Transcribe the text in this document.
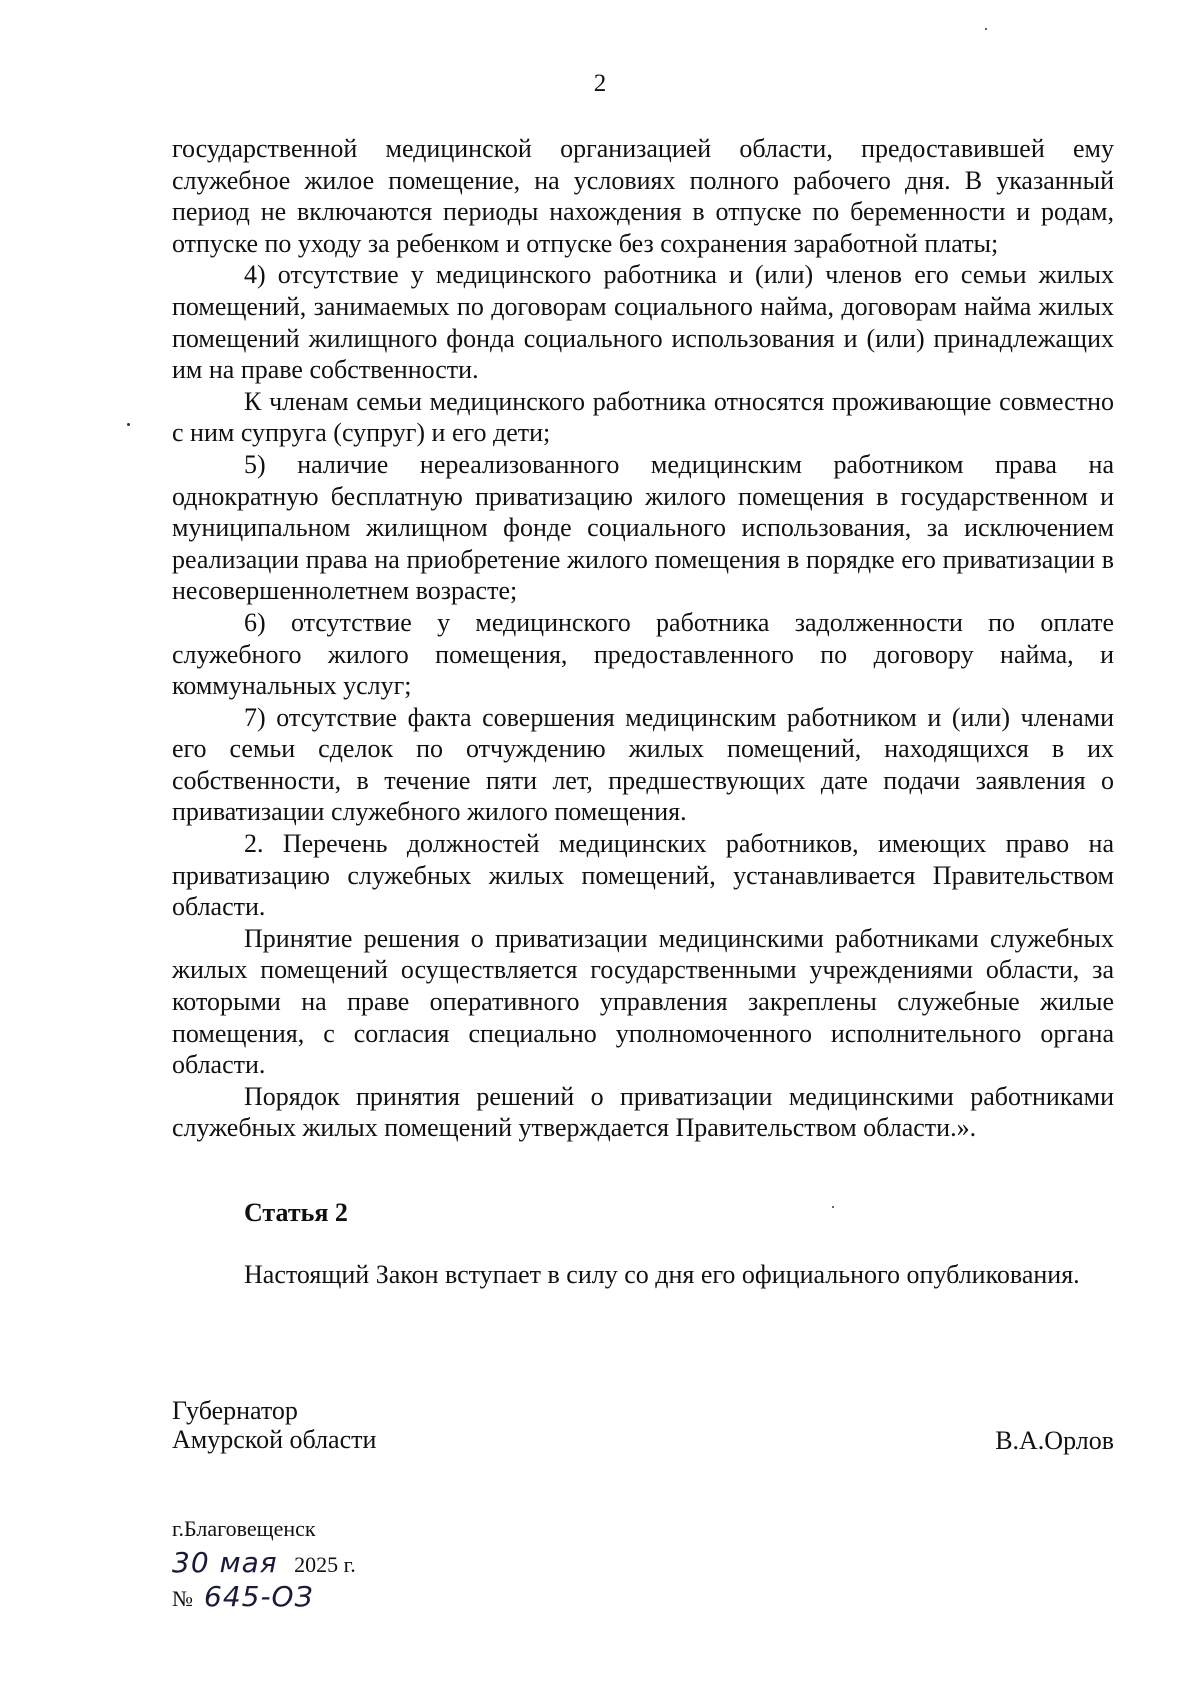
2

государственной медицинской организацией области, предоставившей ему служебное жилое помещение, на условиях полного рабочего дня. В указанный период не включаются периоды нахождения в отпуске по беременности и родам, отпуске по уходу за ребенком и отпуске без сохранения заработной платы;

4) отсутствие у медицинского работника и (или) членов его семьи жилых помещений, занимаемых по договорам социального найма, договорам найма жилых помещений жилищного фонда социального использования и (или) принадлежащих им на праве собственности.

К членам семьи медицинского работника относятся проживающие совместно с ним супруга (супруг) и его дети;

5) наличие нереализованного медицинским работником права на однократную бесплатную приватизацию жилого помещения в государственном и муниципальном жилищном фонде социального использования, за исключением реализации права на приобретение жилого помещения в порядке его приватизации в несовершеннолетнем возрасте;

6) отсутствие у медицинского работника задолженности по оплате служебного жилого помещения, предоставленного по договору найма, и коммунальных услуг;

7) отсутствие факта совершения медицинским работником и (или) членами его семьи сделок по отчуждению жилых помещений, находящихся в их собственности, в течение пяти лет, предшествующих дате подачи заявления о приватизации служебного жилого помещения.

2. Перечень должностей медицинских работников, имеющих право на приватизацию служебных жилых помещений, устанавливается Правительством области.

Принятие решения о приватизации медицинскими работниками служебных жилых помещений осуществляется государственными учреждениями области, за которыми на праве оперативного управления закреплены служебные жилые помещения, с согласия специально уполномоченного исполнительного органа области.

Порядок принятия решений о приватизации медицинскими работниками служебных жилых помещений утверждается Правительством области.».

Статья 2

Настоящий Закон вступает в силу со дня его официального опубликования.

Губернатор
Амурской области	В.А.Орлов
г.Благовещенск
30 мая 2025 г.
№ 645-ОЗ
